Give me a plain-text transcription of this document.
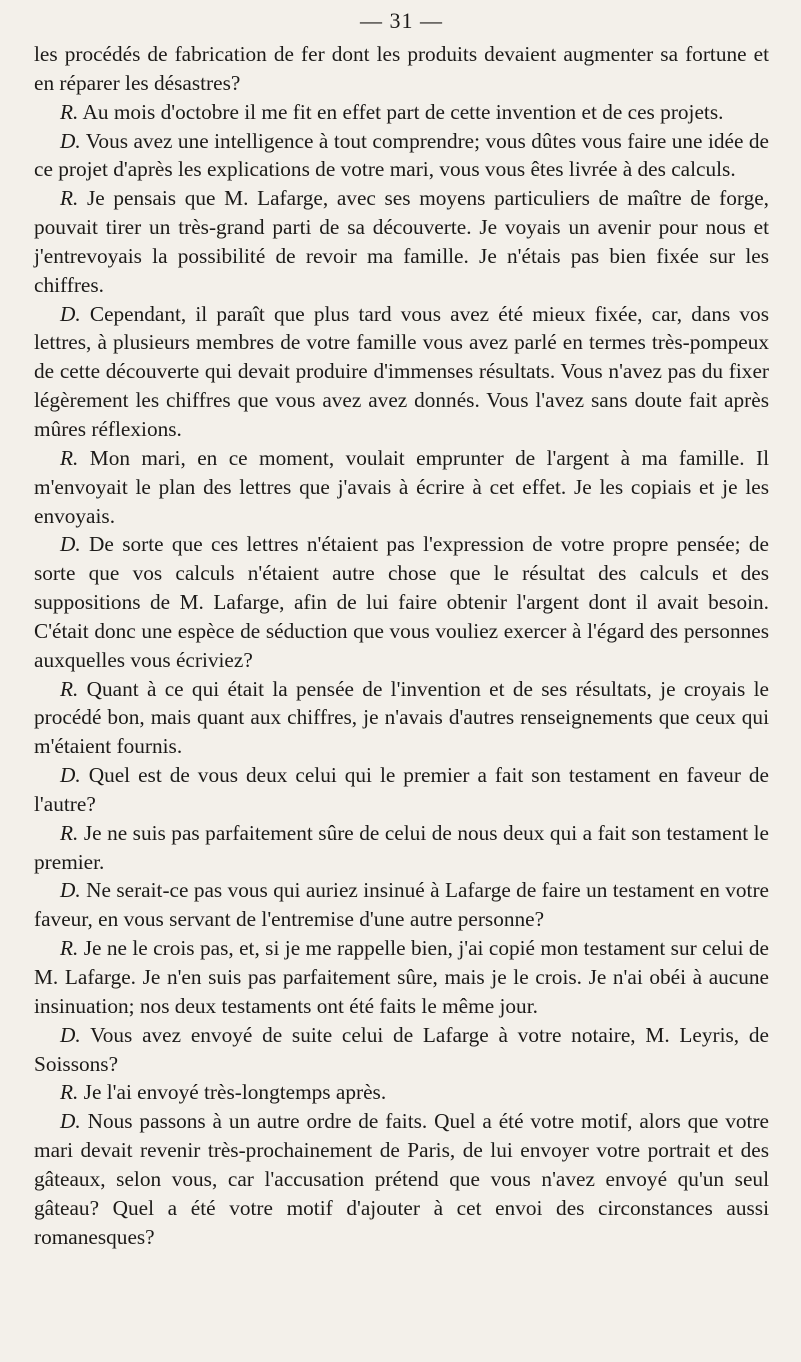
— 31 —

les procédés de fabrication de fer dont les produits devaient augmenter sa fortune et en réparer les désastres?

R. Au mois d'octobre il me fit en effet part de cette invention et de ces projets.

D. Vous avez une intelligence à tout comprendre; vous dûtes vous faire une idée de ce projet d'après les explications de votre mari, vous vous êtes livrée à des calculs.

R. Je pensais que M. Lafarge, avec ses moyens particuliers de maître de forge, pouvait tirer un très-grand parti de sa découverte. Je voyais un avenir pour nous et j'entrevoyais la possibilité de revoir ma famille. Je n'étais pas bien fixée sur les chiffres.

D. Cependant, il paraît que plus tard vous avez été mieux fixée, car, dans vos lettres, à plusieurs membres de votre famille vous avez parlé en termes très-pompeux de cette découverte qui devait produire d'immenses résultats. Vous n'avez pas du fixer légèrement les chiffres que vous avez avez donnés. Vous l'avez sans doute fait après mûres réflexions.

R. Mon mari, en ce moment, voulait emprunter de l'argent à ma famille. Il m'envoyait le plan des lettres que j'avais à écrire à cet effet. Je les copiais et je les envoyais.

D. De sorte que ces lettres n'étaient pas l'expression de votre propre pensée; de sorte que vos calculs n'étaient autre chose que le résultat des calculs et des suppositions de M. Lafarge, afin de lui faire obtenir l'argent dont il avait besoin. C'était donc une espèce de séduction que vous vouliez exercer à l'égard des personnes auxquelles vous écriviez?

R. Quant à ce qui était la pensée de l'invention et de ses résultats, je croyais le procédé bon, mais quant aux chiffres, je n'avais d'autres renseignements que ceux qui m'étaient fournis.

D. Quel est de vous deux celui qui le premier a fait son testament en faveur de l'autre?

R. Je ne suis pas parfaitement sûre de celui de nous deux qui a fait son testament le premier.

D. Ne serait-ce pas vous qui auriez insinué à Lafarge de faire un testament en votre faveur, en vous servant de l'entremise d'une autre personne?

R. Je ne le crois pas, et, si je me rappelle bien, j'ai copié mon testament sur celui de M. Lafarge. Je n'en suis pas parfaitement sûre, mais je le crois. Je n'ai obéi à aucune insinuation; nos deux testaments ont été faits le même jour.

D. Vous avez envoyé de suite celui de Lafarge à votre notaire, M. Leyris, de Soissons?

R. Je l'ai envoyé très-longtemps après.

D. Nous passons à un autre ordre de faits. Quel a été votre motif, alors que votre mari devait revenir très-prochainement de Paris, de lui envoyer votre portrait et des gâteaux, selon vous, car l'accusation prétend que vous n'avez envoyé qu'un seul gâteau? Quel a été votre motif d'ajouter à cet envoi des circonstances aussi romanesques?
